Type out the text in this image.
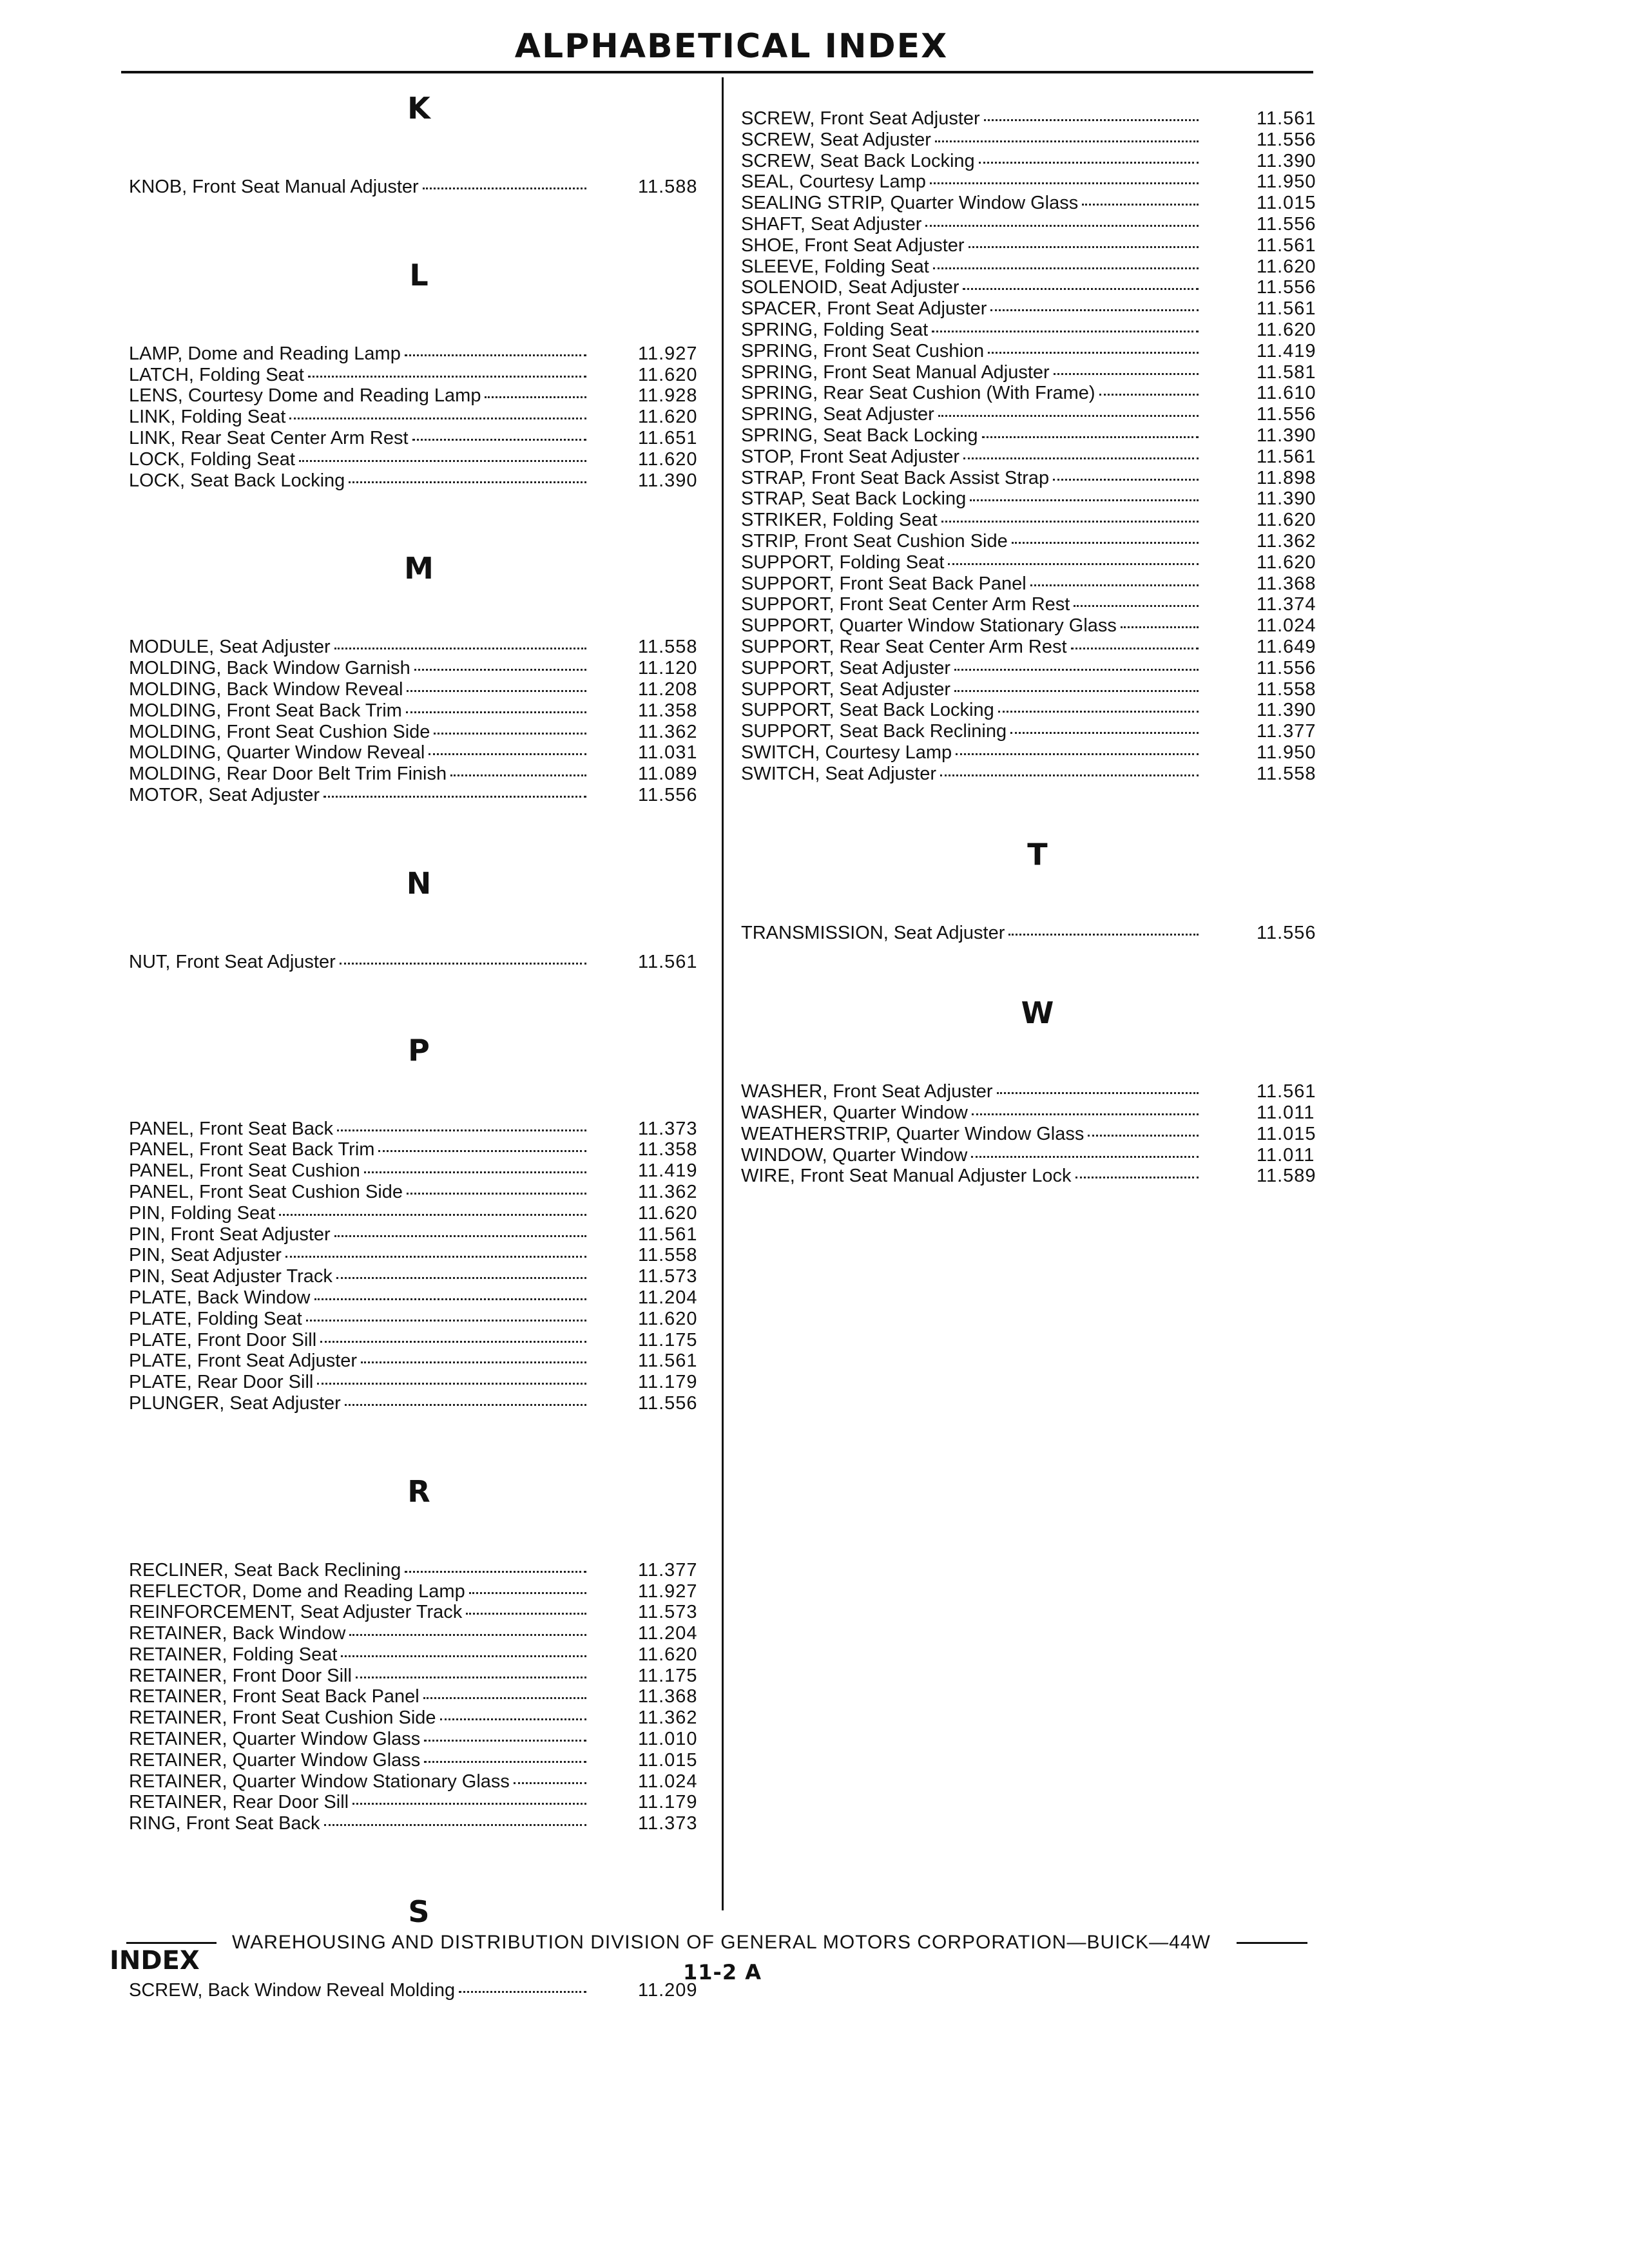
ALPHABETICAL INDEX
K
KNOB, Front Seat Manual Adjuster	11.588
L
LAMP, Dome and Reading Lamp	11.927
LATCH, Folding Seat	11.620
LENS, Courtesy Dome and Reading Lamp	11.928
LINK, Folding Seat	11.620
LINK, Rear Seat Center Arm Rest	11.651
LOCK, Folding Seat	11.620
LOCK, Seat Back Locking	11.390
M
MODULE, Seat Adjuster	11.558
MOLDING, Back Window Garnish	11.120
MOLDING, Back Window Reveal	11.208
MOLDING, Front Seat Back Trim	11.358
MOLDING, Front Seat Cushion Side	11.362
MOLDING, Quarter Window Reveal	11.031
MOLDING, Rear Door Belt Trim Finish	11.089
MOTOR, Seat Adjuster	11.556
N
NUT, Front Seat Adjuster	11.561
P
PANEL, Front Seat Back	11.373
PANEL, Front Seat Back Trim	11.358
PANEL, Front Seat Cushion	11.419
PANEL, Front Seat Cushion Side	11.362
PIN, Folding Seat	11.620
PIN, Front Seat Adjuster	11.561
PIN, Seat Adjuster	11.558
PIN, Seat Adjuster Track	11.573
PLATE, Back Window	11.204
PLATE, Folding Seat	11.620
PLATE, Front Door Sill	11.175
PLATE, Front Seat Adjuster	11.561
PLATE, Rear Door Sill	11.179
PLUNGER, Seat Adjuster	11.556
R
RECLINER, Seat Back Reclining	11.377
REFLECTOR, Dome and Reading Lamp	11.927
REINFORCEMENT, Seat Adjuster Track	11.573
RETAINER, Back Window	11.204
RETAINER, Folding Seat	11.620
RETAINER, Front Door Sill	11.175
RETAINER, Front Seat Back Panel	11.368
RETAINER, Front Seat Cushion Side	11.362
RETAINER, Quarter Window Glass	11.010
RETAINER, Quarter Window Glass	11.015
RETAINER, Quarter Window Stationary Glass	11.024
RETAINER, Rear Door Sill	11.179
RING, Front Seat Back	11.373
S
SCREW, Back Window Reveal Molding	11.209
SCREW, Front Seat Adjuster	11.561
SCREW, Seat Adjuster	11.556
SCREW, Seat Back Locking	11.390
SEAL, Courtesy Lamp	11.950
SEALING STRIP, Quarter Window Glass	11.015
SHAFT, Seat Adjuster	11.556
SHOE, Front Seat Adjuster	11.561
SLEEVE, Folding Seat	11.620
SOLENOID, Seat Adjuster	11.556
SPACER, Front Seat Adjuster	11.561
SPRING, Folding Seat	11.620
SPRING, Front Seat Cushion	11.419
SPRING, Front Seat Manual Adjuster	11.581
SPRING, Rear Seat Cushion (With Frame)	11.610
SPRING, Seat Adjuster	11.556
SPRING, Seat Back Locking	11.390
STOP, Front Seat Adjuster	11.561
STRAP, Front Seat Back Assist Strap	11.898
STRAP, Seat Back Locking	11.390
STRIKER, Folding Seat	11.620
STRIP, Front Seat Cushion Side	11.362
SUPPORT, Folding Seat	11.620
SUPPORT, Front Seat Back Panel	11.368
SUPPORT, Front Seat Center Arm Rest	11.374
SUPPORT, Quarter Window Stationary Glass	11.024
SUPPORT, Rear Seat Center Arm Rest	11.649
SUPPORT, Seat Adjuster	11.556
SUPPORT, Seat Adjuster	11.558
SUPPORT, Seat Back Locking	11.390
SUPPORT, Seat Back Reclining	11.377
SWITCH, Courtesy Lamp	11.950
SWITCH, Seat Adjuster	11.558
T
TRANSMISSION, Seat Adjuster	11.556
W
WASHER, Front Seat Adjuster	11.561
WASHER, Quarter Window	11.011
WEATHERSTRIP, Quarter Window Glass	11.015
WINDOW, Quarter Window	11.011
WIRE, Front Seat Manual Adjuster Lock	11.589
WAREHOUSING AND DISTRIBUTION DIVISION OF GENERAL MOTORS CORPORATION—BUICK—44W
INDEX	11-2 A
